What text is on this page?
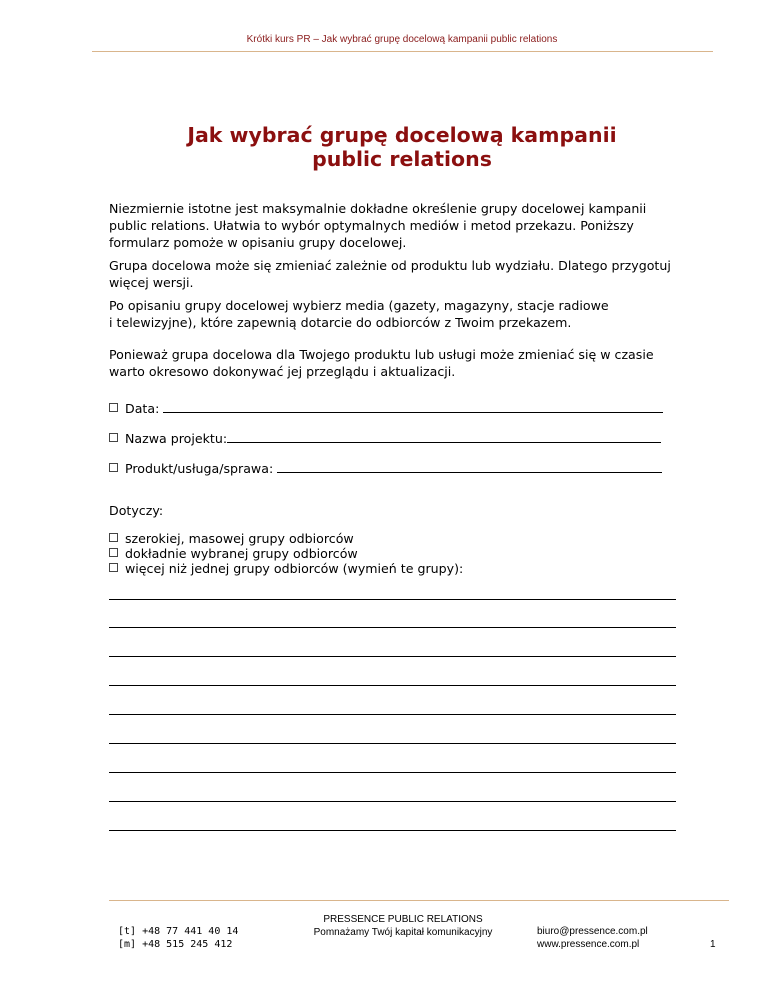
Krótki kurs PR – Jak wybrać grupę docelową kampanii public relations
Jak wybrać grupę docelową kampanii
public relations

Niezmiernie istotne jest maksymalnie dokładne określenie grupy docelowej kampanii
public relations. Ułatwia to wybór optymalnych mediów i metod przekazu. Poniższy
formularz pomoże w opisaniu grupy docelowej.

Grupa docelowa może się zmieniać zależnie od produktu lub wydziału. Dlatego przygotuj
więcej wersji.

Po opisaniu grupy docelowej wybierz media (gazety, magazyny, stacje radiowe
i telewizyjne), które zapewnią dotarcie do odbiorców z Twoim przekazem.

Ponieważ grupa docelowa dla Twojego produktu lub usługi może zmieniać się w czasie
warto okresowo dokonywać jej przeglądu i aktualizacji.

Data:
Nazwa projektu:
Produkt/usługa/sprawa:
Dotyczy:
szerokiej, masowej grupy odbiorców
dokładnie wybranej grupy odbiorców
więcej niż jednej grupy odbiorców (wymień te grupy):
[t] +48 77 441 40 14
[m] +48 515 245 412
PRESSENCE PUBLIC RELATIONS
Pomnażamy Twój kapitał komunikacyjny	biuro@pressence.com.pl
www.pressence.com.pl	1
